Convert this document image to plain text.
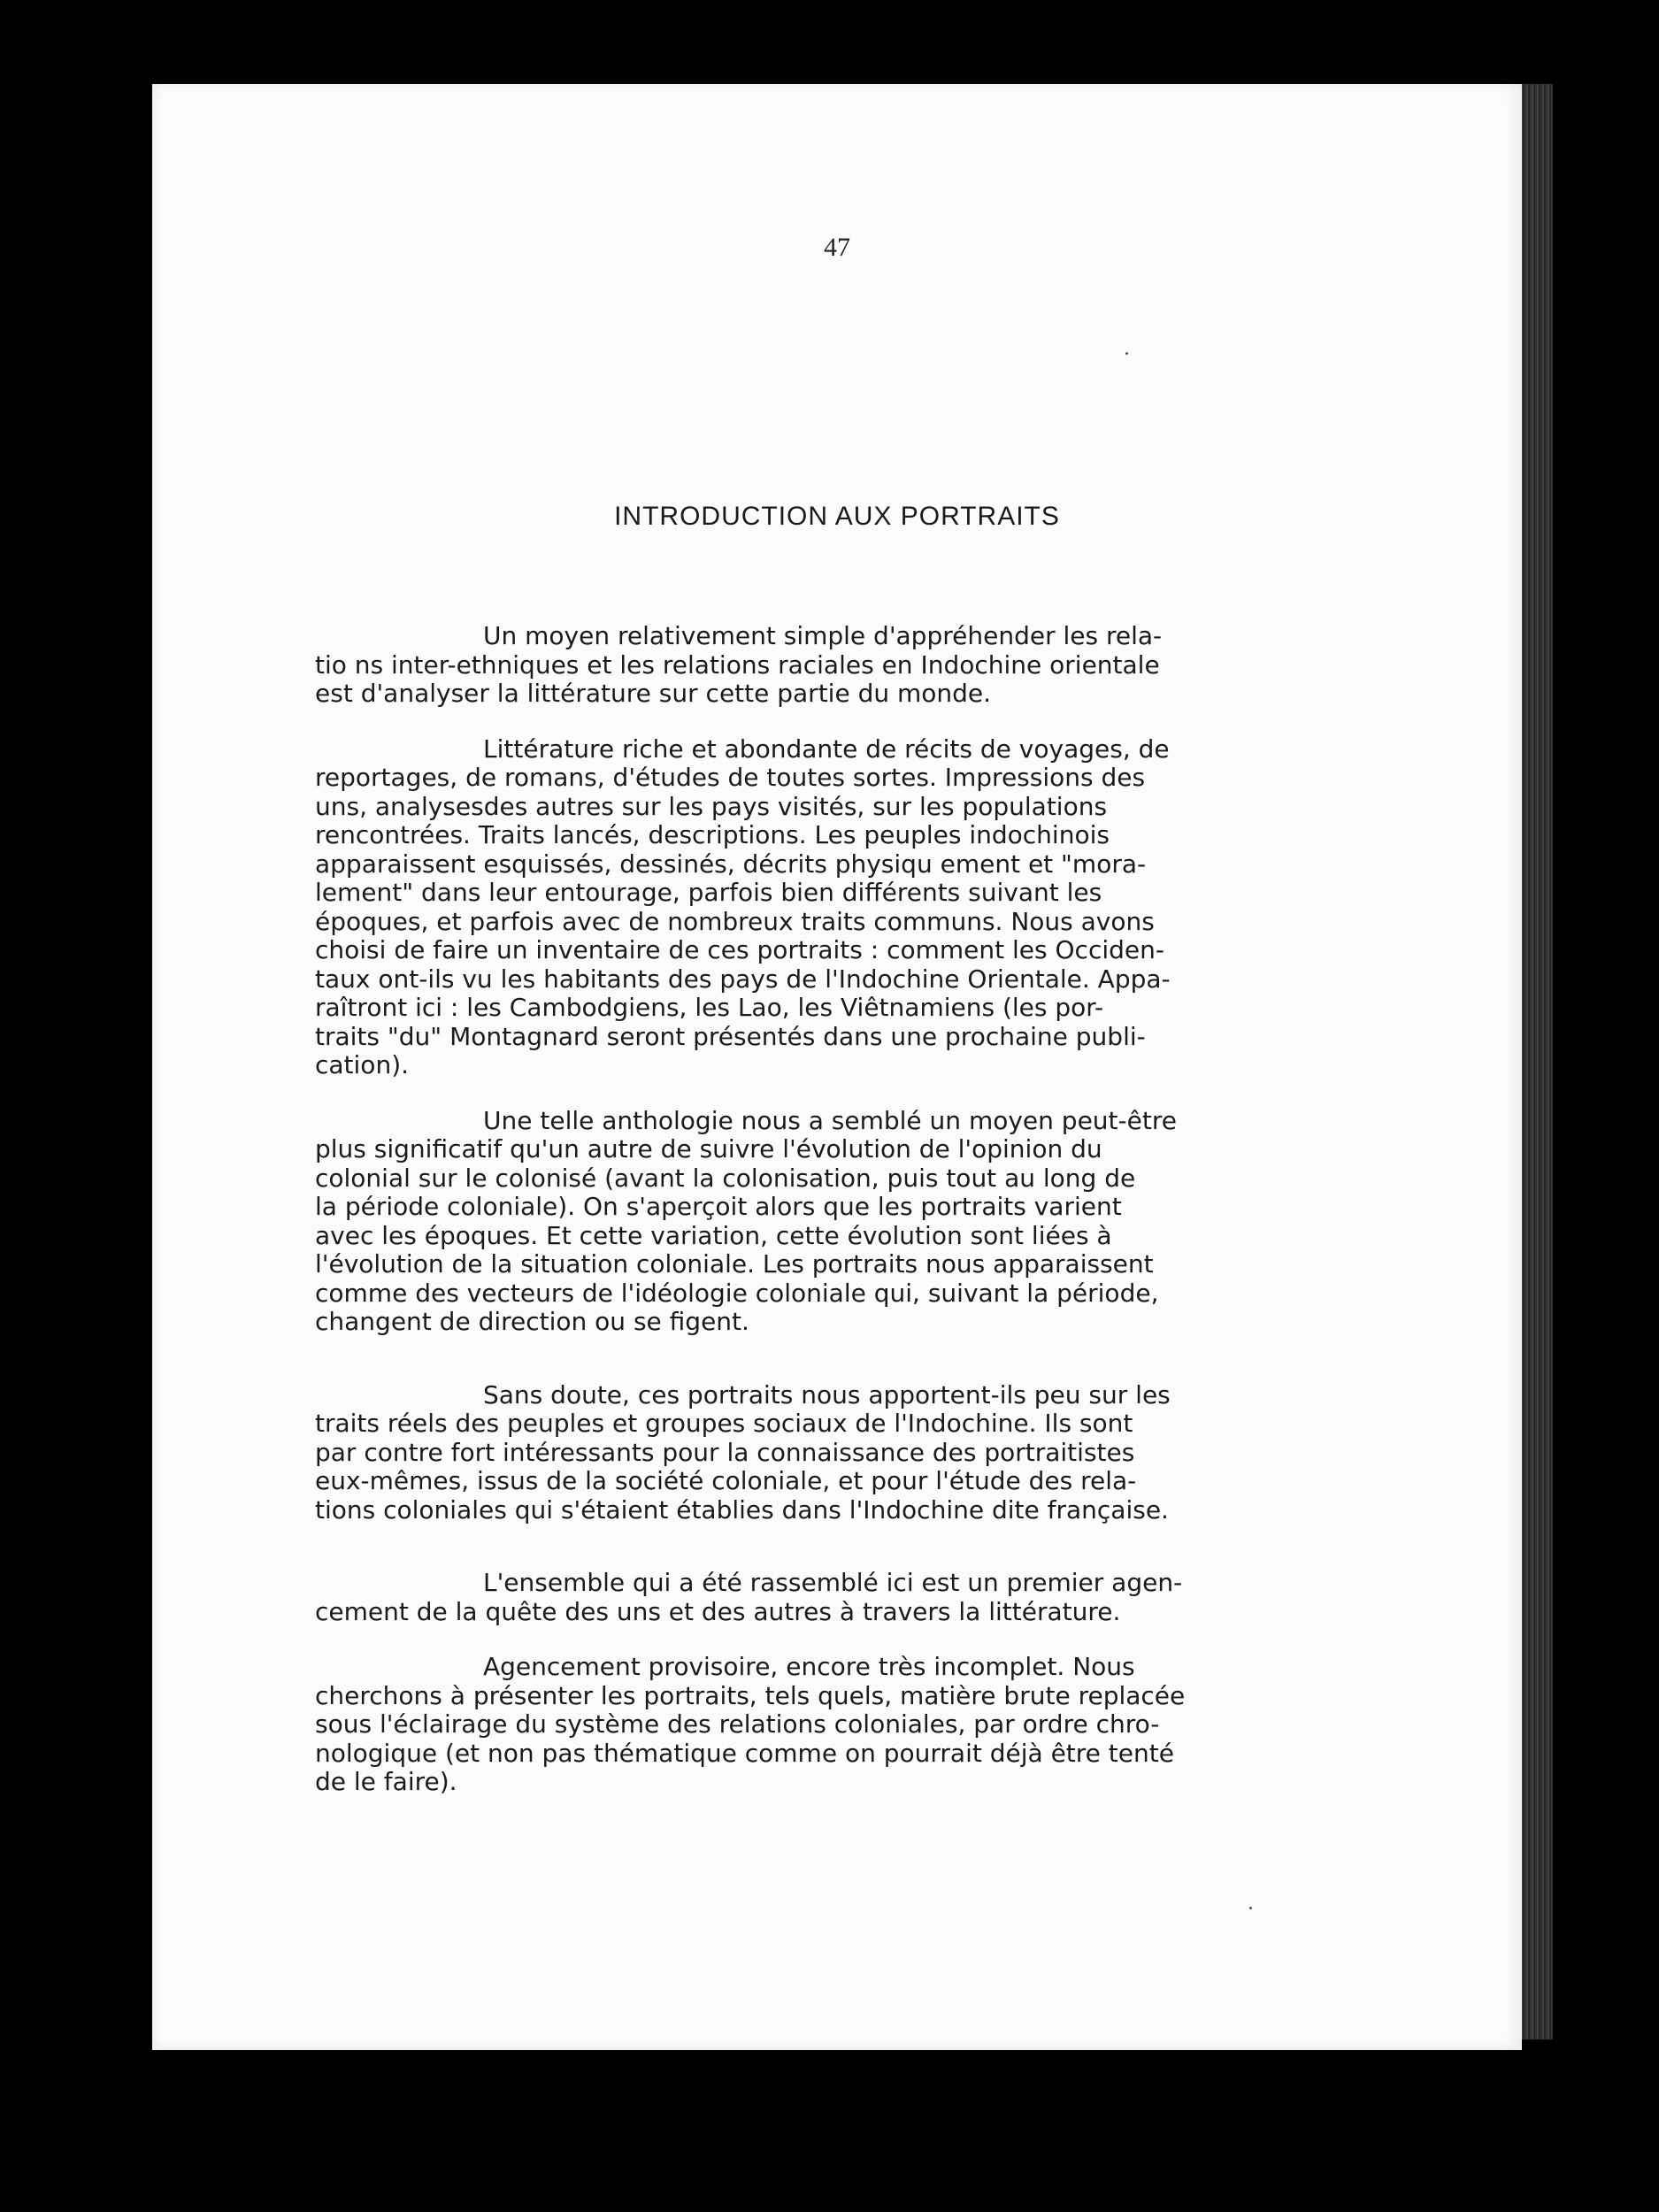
47
INTRODUCTION AUX PORTRAITS
Un moyen relativement simple d'appréhender les rela-
tio ns inter-ethniques et les relations raciales en Indochine orientale
est d'analyser la littérature sur cette partie du monde.
Littérature riche et abondante de récits de voyages, de
reportages, de romans, d'études de toutes sortes. Impressions des
uns, analysesdes autres sur les pays visités, sur les populations
rencontrées. Traits lancés, descriptions. Les peuples indochinois
apparaissent esquissés, dessinés, décrits physiqu ement et "mora-
lement" dans leur entourage, parfois bien différents suivant les
époques, et parfois avec de nombreux traits communs. Nous avons
choisi de faire un inventaire de ces portraits : comment les Occiden-
taux ont-ils vu les habitants des pays de l'Indochine Orientale. Appa-
raîtront ici : les Cambodgiens, les Lao, les Viêtnamiens (les por-
traits "du" Montagnard seront présentés dans une prochaine publi-
cation).
Une telle anthologie nous a semblé un moyen peut-être
plus significatif qu'un autre de suivre l'évolution de l'opinion du
colonial sur le colonisé (avant la colonisation, puis tout au long de
la période coloniale). On s'aperçoit alors que les portraits varient
avec les époques. Et cette variation, cette évolution sont liées à
l'évolution de la situation coloniale. Les portraits nous apparaissent
comme des vecteurs de l'idéologie coloniale qui, suivant la période,
changent de direction ou se figent.
Sans doute, ces portraits nous apportent-ils peu sur les
traits réels des peuples et groupes sociaux de l'Indochine. Ils sont
par contre fort intéressants pour la connaissance des portraitistes
eux-mêmes, issus de la société coloniale, et pour l'étude des rela-
tions coloniales qui s'étaient établies dans l'Indochine dite française.
L'ensemble qui a été rassemblé ici est un premier agen-
cement de la quête des uns et des autres à travers la littérature.
Agencement provisoire, encore très incomplet. Nous
cherchons à présenter les portraits, tels quels, matière brute replacée
sous l'éclairage du système des relations coloniales, par ordre chro-
nologique (et non pas thématique comme on pourrait déjà être tenté
de le faire).
